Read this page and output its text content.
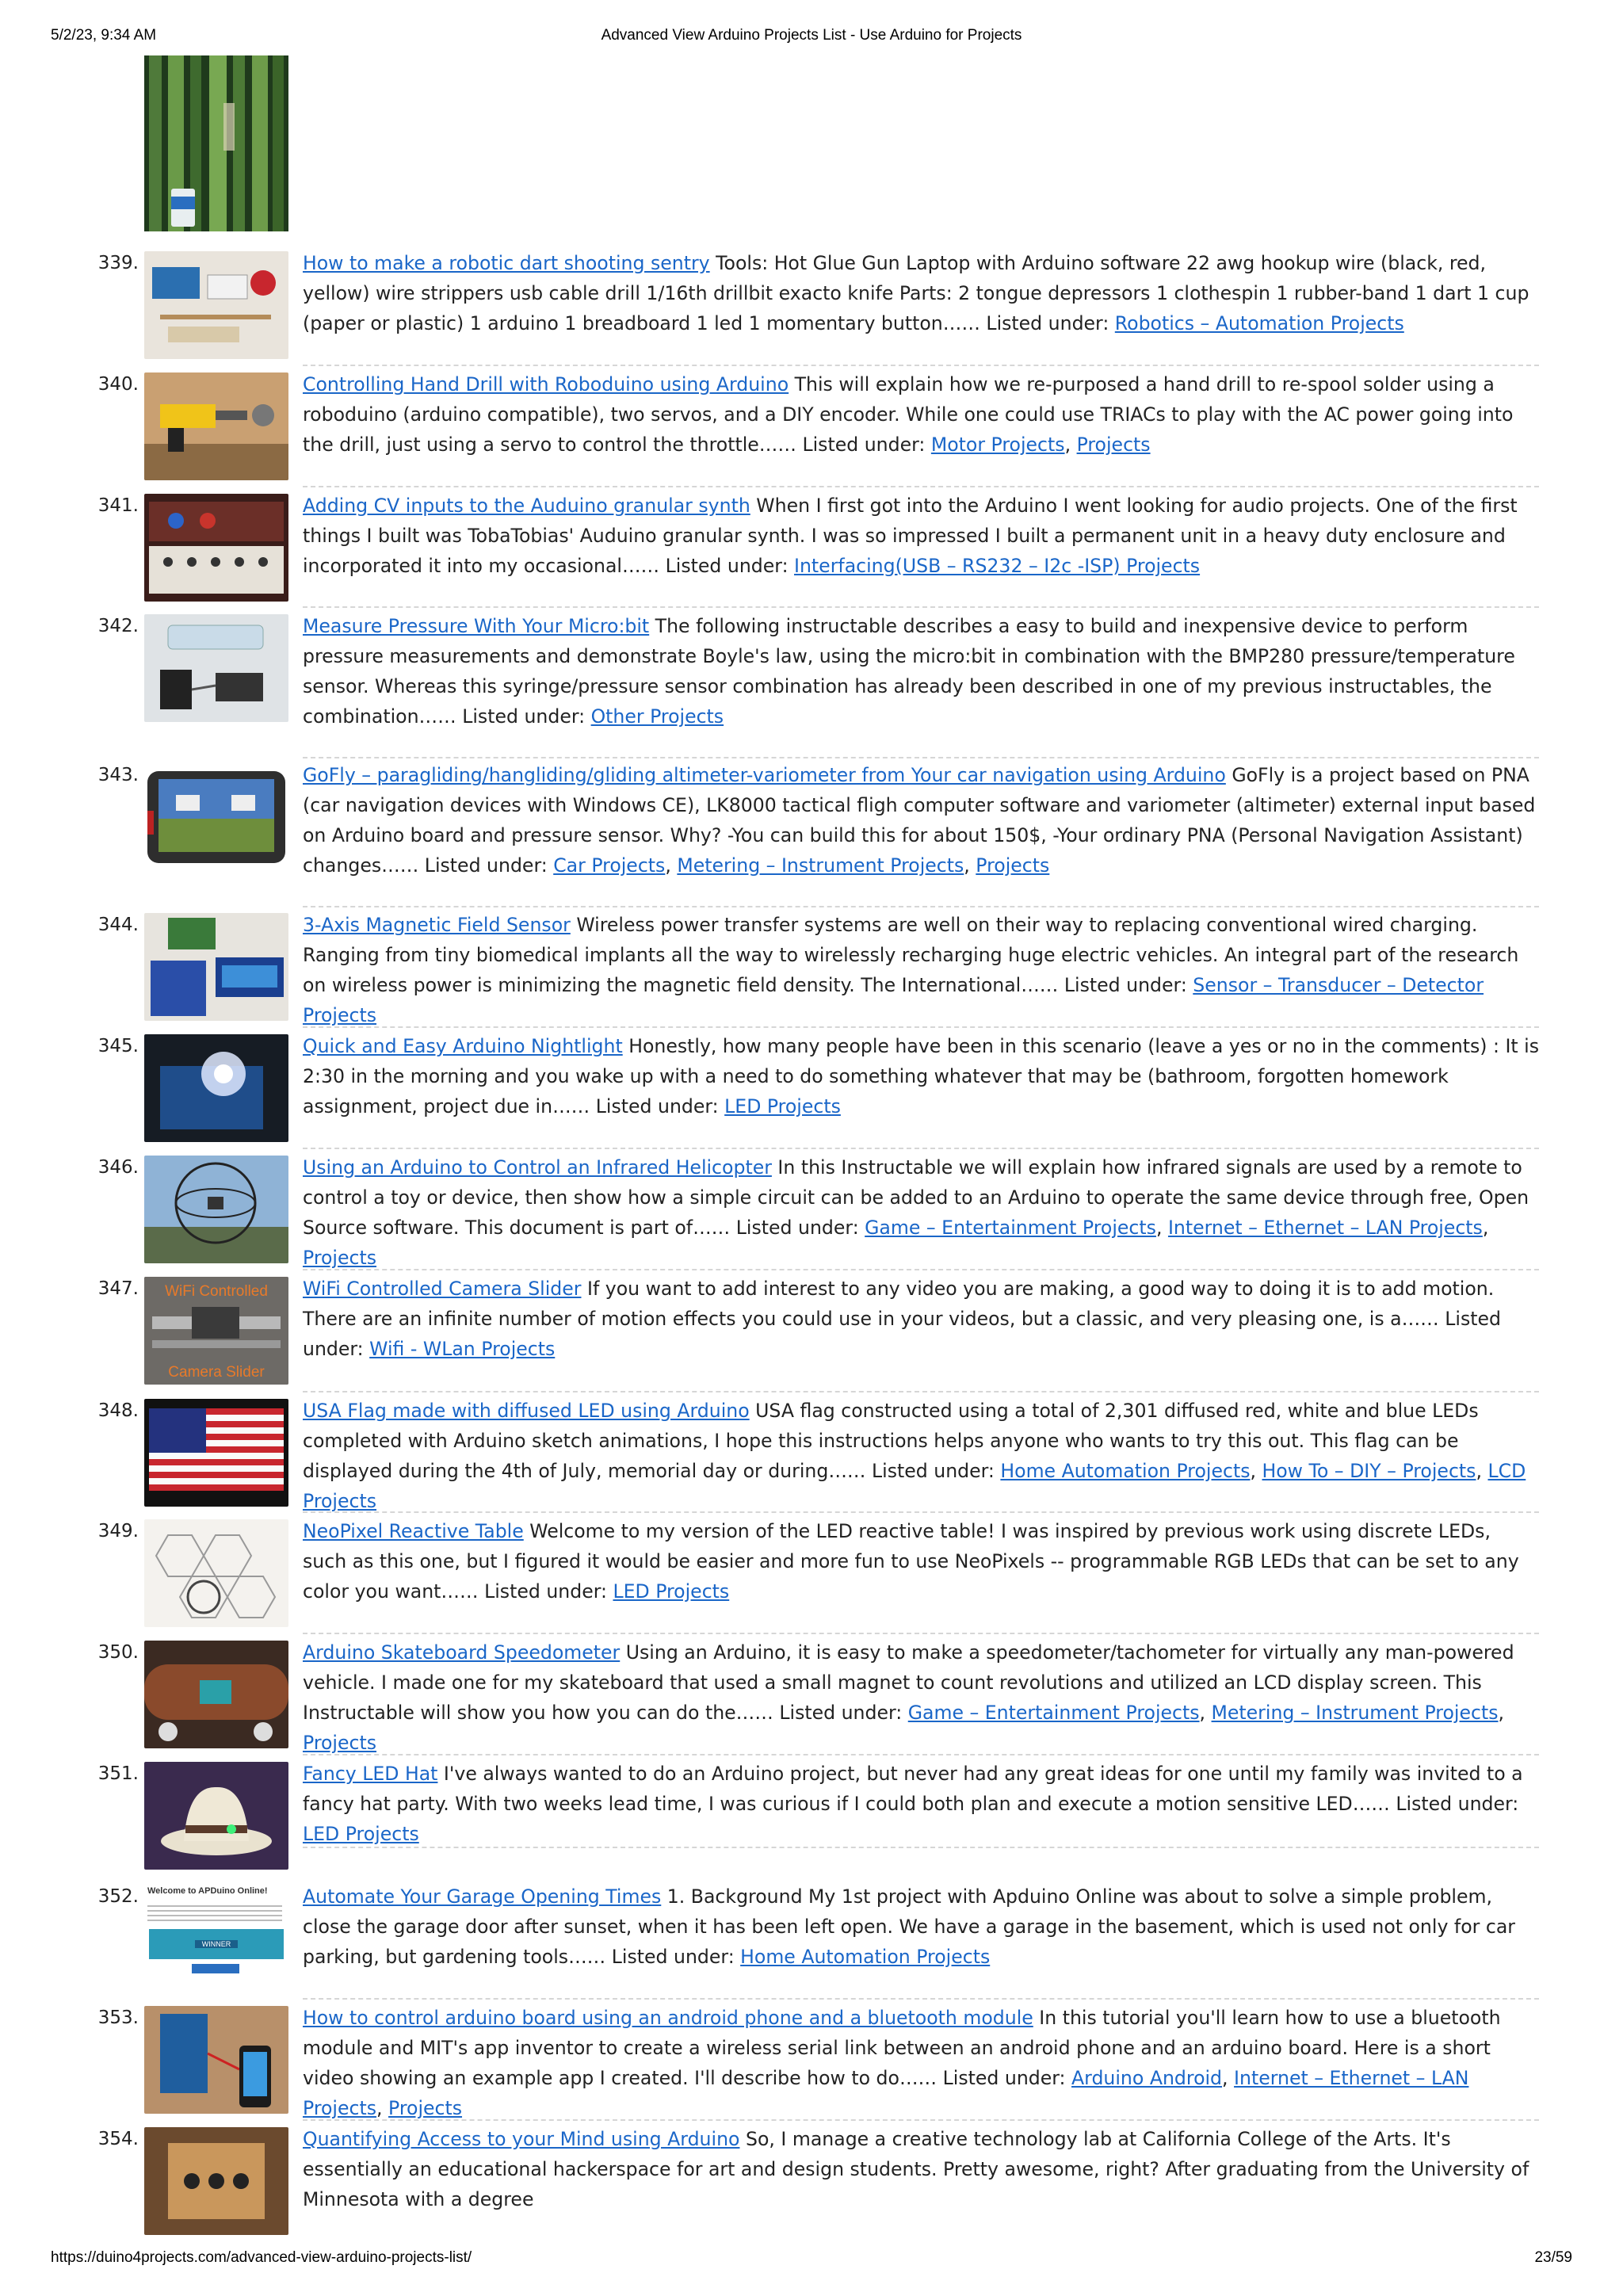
5/2/23, 9:34 AM	Advanced View Arduino Projects List - Use Arduino for Projects
339.	How to make a robotic dart shooting sentry Tools: Hot Glue Gun Laptop with Arduino software 22 awg hookup wire (black, red, yellow) wire strippers usb cable drill 1/16th drillbit exacto knife Parts: 2 tongue depressors 1 clothespin 1 rubber-band 1 dart 1 cup (paper or plastic) 1 arduino 1 breadboard 1 led 1 momentary button…… Listed under: Robotics – Automation Projects
340.	Controlling Hand Drill with Roboduino using Arduino This will explain how we re-purposed a hand drill to re-spool solder using a roboduino (arduino compatible), two servos, and a DIY encoder. While one could use TRIACs to play with the AC power going into the drill, just using a servo to control the throttle…… Listed under: Motor Projects, Projects
341.	Adding CV inputs to the Auduino granular synth When I first got into the Arduino I went looking for audio projects. One of the first things I built was TobaTobias' Auduino granular synth. I was so impressed I built a permanent unit in a heavy duty enclosure and incorporated it into my occasional…… Listed under: Interfacing(USB – RS232 – I2c -ISP) Projects
342.	Measure Pressure With Your Micro:bit The following instructable describes a easy to build and inexpensive device to perform pressure measurements and demonstrate Boyle's law, using the micro:bit in combination with the BMP280 pressure/temperature sensor. Whereas this syringe/pressure sensor combination has already been described in one of my previous instructables, the combination…… Listed under: Other Projects
343.	GoFly – paragliding/hangliding/gliding altimeter-variometer from Your car navigation using Arduino GoFly is a project based on PNA (car navigation devices with Windows CE), LK8000 tactical fligh computer software and variometer (altimeter) external input based on Arduino board and pressure sensor. Why? -You can build this for about 150$, -Your ordinary PNA (Personal Navigation Assistant) changes…… Listed under: Car Projects, Metering – Instrument Projects, Projects
344.	3-Axis Magnetic Field Sensor Wireless power transfer systems are well on their way to replacing conventional wired charging. Ranging from tiny biomedical implants all the way to wirelessly recharging huge electric vehicles. An integral part of the research on wireless power is minimizing the magnetic field density. The International…… Listed under: Sensor – Transducer – Detector Projects
345.	Quick and Easy Arduino Nightlight Honestly, how many people have been in this scenario (leave a yes or no in the comments) : It is 2:30 in the morning and you wake up with a need to do something whatever that may be (bathroom, forgotten homework assignment, project due in…… Listed under: LED Projects
346.	Using an Arduino to Control an Infrared Helicopter In this Instructable we will explain how infrared signals are used by a remote to control a toy or device, then show how a simple circuit can be added to an Arduino to operate the same device through free, Open Source software. This document is part of…… Listed under: Game – Entertainment Projects, Internet – Ethernet – LAN Projects, Projects
347.	WiFi Controlled
Camera Slider
WiFi Controlled Camera Slider If you want to add interest to any video you are making, a good way to doing it is to add motion. There are an infinite number of motion effects you could use in your videos, but a classic, and very pleasing one, is a…… Listed under: Wifi - WLan Projects
348.	USA Flag made with diffused LED using Arduino USA flag constructed using a total of 2,301 diffused red, white and blue LEDs completed with Arduino sketch animations, I hope this instructions helps anyone who wants to try this out. This flag can be displayed during the 4th of July, memorial day or during…… Listed under: Home Automation Projects, How To – DIY – Projects, LCD Projects
349.	NeoPixel Reactive Table Welcome to my version of the LED reactive table! I was inspired by previous work using discrete LEDs, such as this one, but I figured it would be easier and more fun to use NeoPixels -- programmable RGB LEDs that can be set to any color you want…… Listed under: LED Projects
350.	Arduino Skateboard Speedometer Using an Arduino, it is easy to make a speedometer/tachometer for virtually any man-powered vehicle. I made one for my skateboard that used a small magnet to count revolutions and utilized an LCD display screen. This Instructable will show you how you can do the…… Listed under: Game – Entertainment Projects, Metering – Instrument Projects, Projects
351.	Fancy LED Hat I've always wanted to do an Arduino project, but never had any great ideas for one until my family was invited to a fancy hat party. With two weeks lead time, I was curious if I could both plan and execute a motion sensitive LED…… Listed under: LED Projects
352. Welcome to APDuino Online!
WINNER
Automate Your Garage Opening Times 1. Background My 1st project with Apduino Online was about to solve a simple problem, close the garage door after sunset, when it has been left open. We have a garage in the basement, which is used not only for car parking, but gardening tools…… Listed under: Home Automation Projects
353.	How to control arduino board using an android phone and a bluetooth module In this tutorial you'll learn how to use a bluetooth module and MIT's app inventor to create a wireless serial link between an android phone and an arduino board. Here is a short video showing an example app I created. I'll describe how to do…… Listed under: Arduino Android, Internet – Ethernet – LAN Projects, Projects
354.	Quantifying Access to your Mind using Arduino So, I manage a creative technology lab at California College of the Arts. It's essentially an educational hackerspace for art and design students. Pretty awesome, right? After graduating from the University of Minnesota with a degree
https://duino4projects.com/advanced-view-arduino-projects-list/	23/59
